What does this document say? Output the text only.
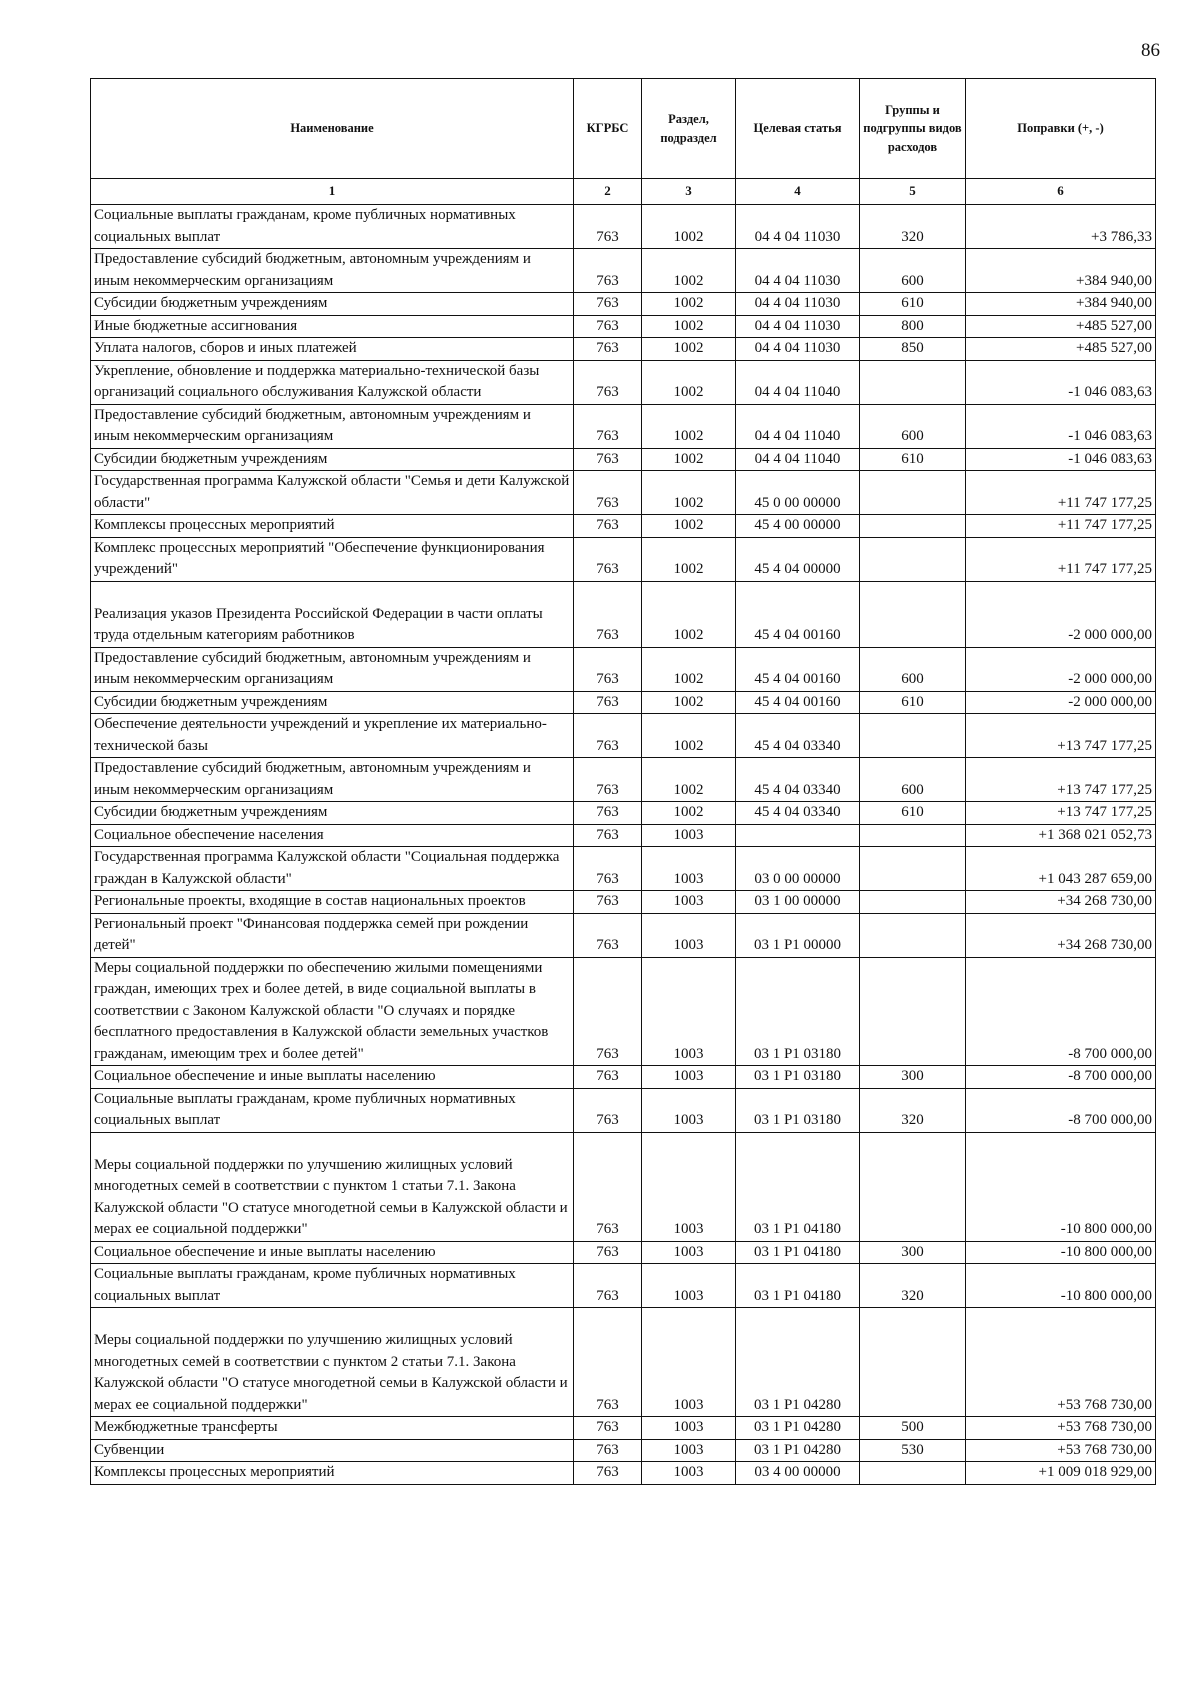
86
Наименование	КГРБС	Раздел, подраздел	Целевая статья	Группы и подгруппы видов расходов	Поправки (+, -)
1	2	3	4	5	6
Социальные выплаты гражданам, кроме публичных нормативных социальных выплат	763	1002	04 4 04 11030	320	+3 786,33
Предоставление субсидий бюджетным, автономным учреждениям и иным некоммерческим организациям	763	1002	04 4 04 11030	600	+384 940,00
Субсидии бюджетным учреждениям	763	1002	04 4 04 11030	610	+384 940,00
Иные бюджетные ассигнования	763	1002	04 4 04 11030	800	+485 527,00
Уплата налогов, сборов и иных платежей	763	1002	04 4 04 11030	850	+485 527,00
Укрепление, обновление и поддержка материально-технической базы организаций социального обслуживания Калужской области	763	1002	04 4 04 11040		-1 046 083,63
Предоставление субсидий бюджетным, автономным учреждениям и иным некоммерческим организациям	763	1002	04 4 04 11040	600	-1 046 083,63
Субсидии бюджетным учреждениям	763	1002	04 4 04 11040	610	-1 046 083,63
Государственная программа Калужской области "Семья и дети Калужской области"	763	1002	45 0 00 00000		+11 747 177,25
Комплексы процессных мероприятий	763	1002	45 4 00 00000		+11 747 177,25
Комплекс процессных мероприятий "Обеспечение функционирования учреждений"	763	1002	45 4 04 00000		+11 747 177,25
Реализация указов Президента Российской Федерации в части оплаты труда отдельным категориям работников	763	1002	45 4 04 00160		-2 000 000,00
Предоставление субсидий бюджетным, автономным учреждениям и иным некоммерческим организациям	763	1002	45 4 04 00160	600	-2 000 000,00
Субсидии бюджетным учреждениям	763	1002	45 4 04 00160	610	-2 000 000,00
Обеспечение деятельности учреждений и укрепление их материально-технической базы	763	1002	45 4 04 03340		+13 747 177,25
Предоставление субсидий бюджетным, автономным учреждениям и иным некоммерческим организациям	763	1002	45 4 04 03340	600	+13 747 177,25
Субсидии бюджетным учреждениям	763	1002	45 4 04 03340	610	+13 747 177,25
Социальное обеспечение населения	763	1003			+1 368 021 052,73
Государственная программа Калужской области "Социальная поддержка граждан в Калужской области"	763	1003	03 0 00 00000		+1 043 287 659,00
Региональные проекты, входящие в состав национальных проектов	763	1003	03 1 00 00000		+34 268 730,00
Региональный проект "Финансовая поддержка семей при рождении детей"	763	1003	03 1 P1 00000		+34 268 730,00
Меры социальной поддержки по обеспечению жилыми помещениями граждан, имеющих трех и более детей, в виде социальной выплаты в соответствии с Законом Калужской области "О случаях и порядке бесплатного предоставления в Калужской области земельных участков гражданам, имеющим трех и более детей"	763	1003	03 1 P1 03180		-8 700 000,00
Социальное обеспечение и иные выплаты населению	763	1003	03 1 P1 03180	300	-8 700 000,00
Социальные выплаты гражданам, кроме публичных нормативных социальных выплат	763	1003	03 1 P1 03180	320	-8 700 000,00
Меры социальной поддержки по улучшению жилищных условий многодетных семей в соответствии с пунктом 1 статьи 7.1. Закона Калужской области "О статусе многодетной семьи в Калужской области и мерах ее социальной поддержки"	763	1003	03 1 P1 04180		-10 800 000,00
Социальное обеспечение и иные выплаты населению	763	1003	03 1 P1 04180	300	-10 800 000,00
Социальные выплаты гражданам, кроме публичных нормативных социальных выплат	763	1003	03 1 P1 04180	320	-10 800 000,00
Меры социальной поддержки по улучшению жилищных условий многодетных семей в соответствии с пунктом 2 статьи 7.1. Закона Калужской области "О статусе многодетной семьи в Калужской области и мерах ее социальной поддержки"	763	1003	03 1 P1 04280		+53 768 730,00
Межбюджетные трансферты	763	1003	03 1 P1 04280	500	+53 768 730,00
Субвенции	763	1003	03 1 P1 04280	530	+53 768 730,00
Комплексы процессных мероприятий	763	1003	03 4 00 00000		+1 009 018 929,00
